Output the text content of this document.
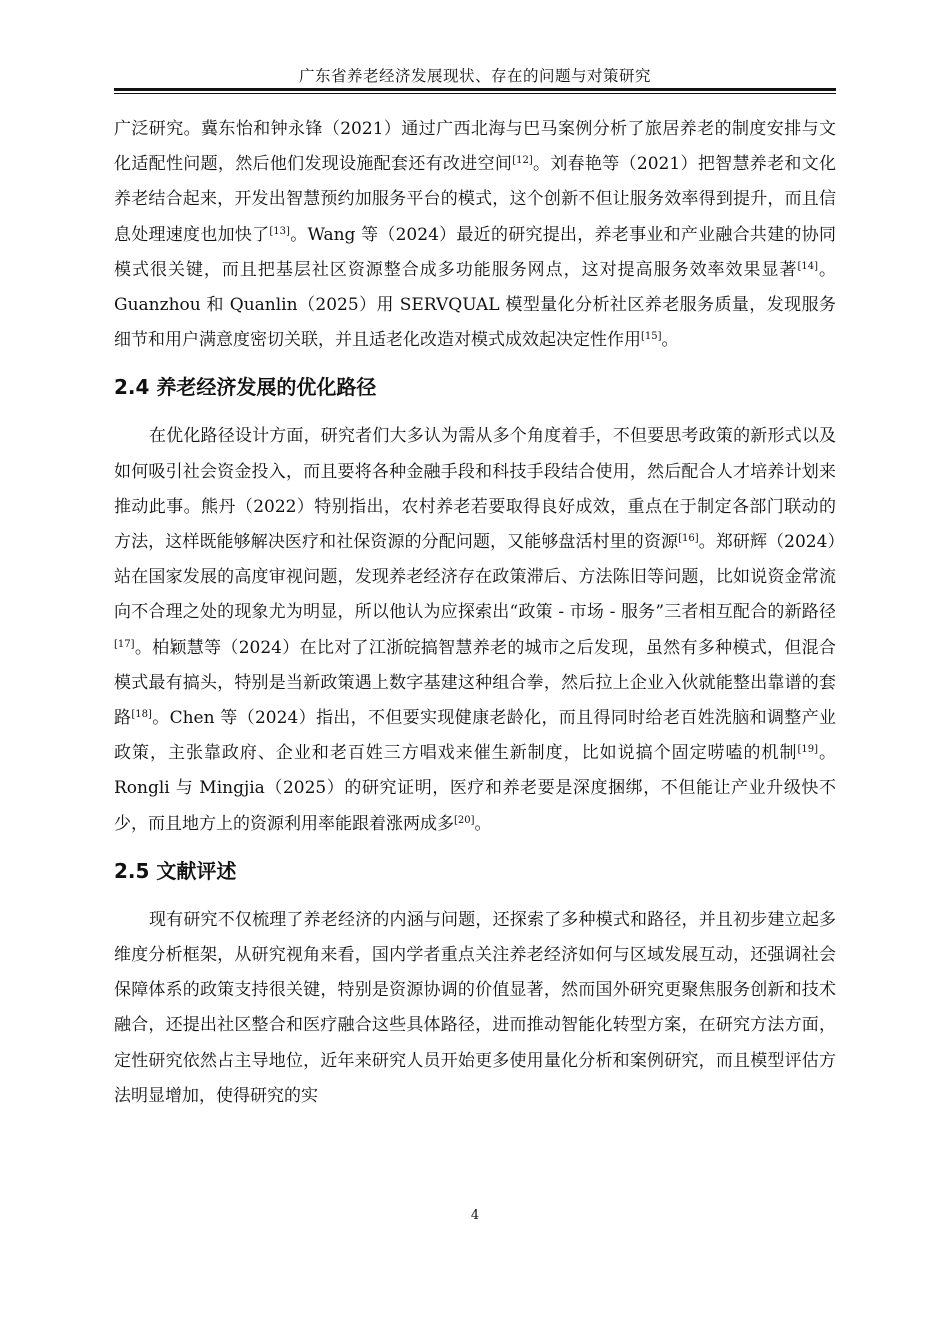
广东省养老经济发展现状、存在的问题与对策研究

广泛研究。冀东怡和钟永锋（2021）通过广西北海与巴马案例分析了旅居养老的制度安排与文化适配性问题，然后他们发现设施配套还有改进空间[12]。刘春艳等（2021）把智慧养老和文化养老结合起来，开发出智慧预约加服务平台的模式，这个创新不但让服务效率得到提升，而且信息处理速度也加快了[13]。Wang 等（2024）最近的研究提出，养老事业和产业融合共建的协同模式很关键，而且把基层社区资源整合成多功能服务网点，这对提高服务效率效果显著[14]。Guanzhou 和 Quanlin（2025）用 SERVQUAL 模型量化分析社区养老服务质量，发现服务细节和用户满意度密切关联，并且适老化改造对模式成效起决定性作用[15]。

2.4 养老经济发展的优化路径

在优化路径设计方面，研究者们大多认为需从多个角度着手，不但要思考政策的新形式以及如何吸引社会资金投入，而且要将各种金融手段和科技手段结合使用，然后配合人才培养计划来推动此事。熊丹（2022）特别指出，农村养老若要取得良好成效，重点在于制定各部门联动的方法，这样既能够解决医疗和社保资源的分配问题，又能够盘活村里的资源[16]。郑研辉（2024）站在国家发展的高度审视问题，发现养老经济存在政策滞后、方法陈旧等问题，比如说资金常流向不合理之处的现象尤为明显，所以他认为应探索出“政策 - 市场 - 服务”三者相互配合的新路径[17]。柏颖慧等（2024）在比对了江浙皖搞智慧养老的城市之后发现，虽然有多种模式，但混合模式最有搞头，特别是当新政策遇上数字基建这种组合拳，然后拉上企业入伙就能整出靠谱的套路[18]。Chen 等（2024）指出，不但要实现健康老龄化，而且得同时给老百姓洗脑和调整产业政策，主张靠政府、企业和老百姓三方唱戏来催生新制度，比如说搞个固定唠嗑的机制[19]。Rongli 与 Mingjia（2025）的研究证明，医疗和养老要是深度捆绑，不但能让产业升级快不少，而且地方上的资源利用率能跟着涨两成多[20]。

2.5 文献评述

现有研究不仅梳理了养老经济的内涵与问题，还探索了多种模式和路径，并且初步建立起多维度分析框架，从研究视角来看，国内学者重点关注养老经济如何与区域发展互动，还强调社会保障体系的政策支持很关键，特别是资源协调的价值显著，然而国外研究更聚焦服务创新和技术融合，还提出社区整合和医疗融合这些具体路径，进而推动智能化转型方案，在研究方法方面，定性研究依然占主导地位，近年来研究人员开始更多使用量化分析和案例研究，而且模型评估方法明显增加，使得研究的实

4
